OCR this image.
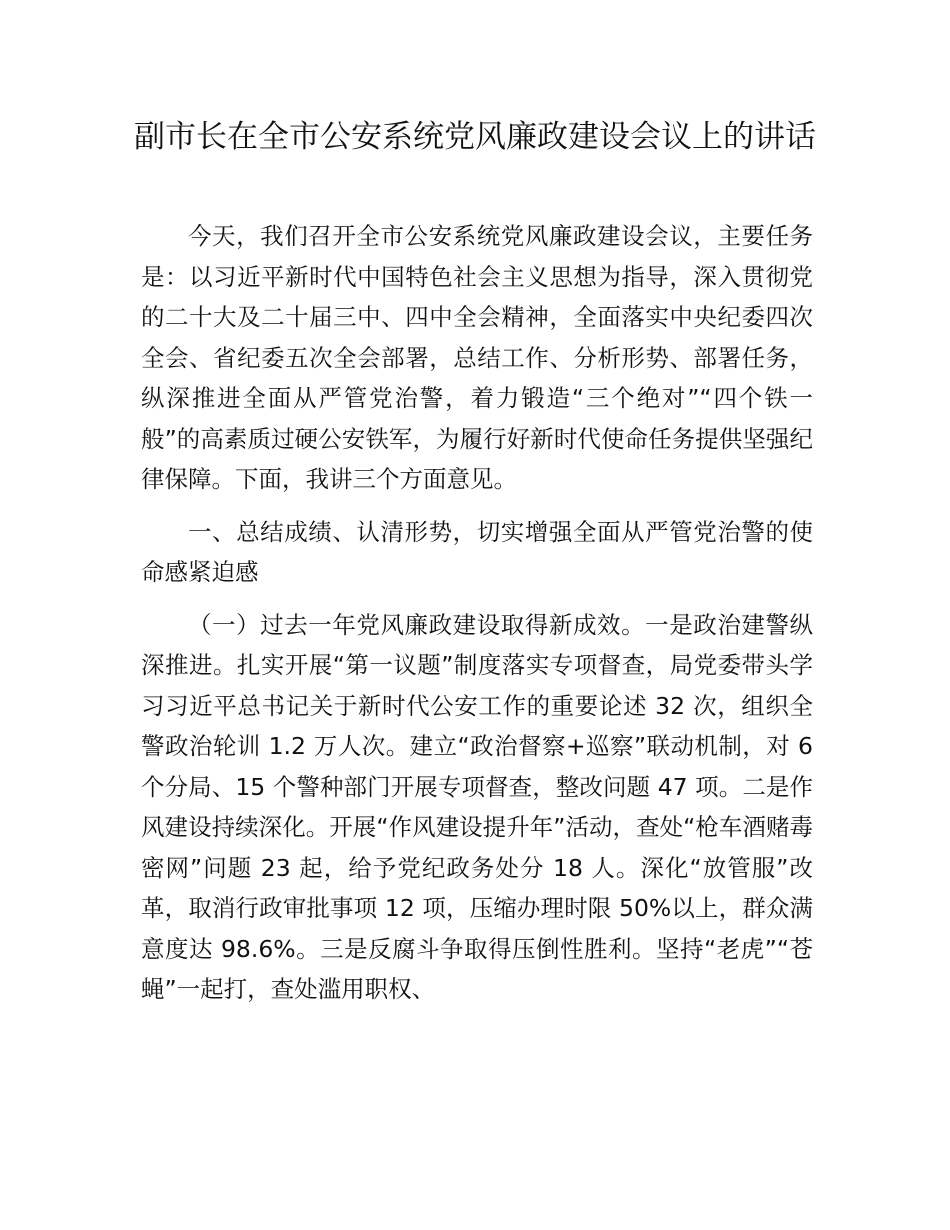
副市长在全市公安系统党风廉政建设会议上的讲话

今天，我们召开全市公安系统党风廉政建设会议，主要任务是：以习近平新时代中国特色社会主义思想为指导，深入贯彻党的二十大及二十届三中、四中全会精神，全面落实中央纪委四次全会、省纪委五次全会部署，总结工作、分析形势、部署任务，纵深推进全面从严管党治警，着力锻造“三个绝对”“四个铁一般”的高素质过硬公安铁军，为履行好新时代使命任务提供坚强纪律保障。下面，我讲三个方面意见。

一、总结成绩、认清形势，切实增强全面从严管党治警的使命感紧迫感

（一）过去一年党风廉政建设取得新成效。一是政治建警纵深推进。扎实开展“第一议题”制度落实专项督查，局党委带头学习习近平总书记关于新时代公安工作的重要论述 32 次，组织全警政治轮训 1.2 万人次。建立“政治督察+巡察”联动机制，对 6 个分局、15 个警种部门开展专项督查，整改问题 47 项。二是作风建设持续深化。开展“作风建设提升年”活动，查处“枪车酒赌毒密网”问题 23 起，给予党纪政务处分 18 人。深化“放管服”改革，取消行政审批事项 12 项，压缩办理时限 50%以上，群众满意度达 98.6%。三是反腐斗争取得压倒性胜利。坚持“老虎”“苍蝇”一起打，查处滥用职权、
